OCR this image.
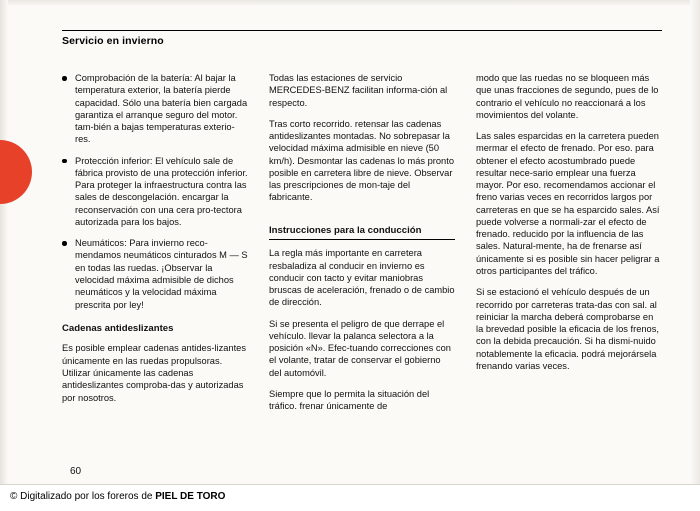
Servicio en invierno
Comprobación de la batería: Al bajar la temperatura exterior, la batería pierde capacidad. Sólo una batería bien cargada garantiza el arranque seguro del motor. tam-bién a bajas temperaturas exterio-res.
Protección inferior: El vehículo sale de fábrica provisto de una protección inferior. Para proteger la infraestructura contra las sales de descongelación. encargar la reconservación con una cera pro-tectora autorizada para los bajos.
Neumáticos: Para invierno reco-mendamos neumáticos cinturados M — S en todas las ruedas. ¡Observar la velocidad máxima admisible de dichos neumáticos y la velocidad máxima prescrita por ley!
Cadenas antideslizantes
Es posible emplear cadenas antides-lizantes únicamente en las ruedas propulsoras. Utilizar únicamente las cadenas antideslizantes comproba-das y autorizadas por nosotros.
Todas las estaciones de servicio MERCEDES-BENZ facilitan informa-ción al respecto.
Tras corto recorrido. retensar las cadenas antideslizantes montadas. No sobrepasar la velocidad máxima admisible en nieve (50 km/h). Desmontar las cadenas lo más pronto posible en carretera libre de nieve. Observar las prescripciones de mon-taje del fabricante.
Instrucciones para la conducción
La regla más importante en carretera resbaladiza al conducir en invierno es conducir con tacto y evitar maniobras bruscas de aceleración, frenado o de cambio de dirección.
Si se presenta el peligro de que derrape el vehículo. llevar la palanca selectora a la posición «N». Efec-tuando correcciones con el volante, tratar de conservar el gobierno del automóvil.
Siempre que lo permita la situación del tráfico. frenar únicamente de
modo que las ruedas no se bloqueen más que unas fracciones de segundo, pues de lo contrario el vehículo no reaccionará a los movimientos del volante.
Las sales esparcidas en la carretera pueden mermar el efecto de frenado. Por eso. para obtener el efecto acostumbrado puede resultar nece-sario emplear una fuerza mayor. Por eso. recomendamos accionar el freno varias veces en recorridos largos por carreteras en que se ha esparcido sales. Así puede volverse a normali-zar el efecto de frenado. reducido por la influencia de las sales. Natural-mente, ha de frenarse así únicamente si es posible sin hacer peligrar a otros participantes del tráfico.
Si se estacionó el vehículo después de un recorrido por carreteras trata-das con sal. al reiniciar la marcha deberá comprobarse en la brevedad posible la eficacia de los frenos, con la debida precaución. Si ha dismi-nuido notablemente la eficacia. podrá mejorársela frenando varias veces.
60
© Digitalizado por los foreros de PIEL DE TORO
